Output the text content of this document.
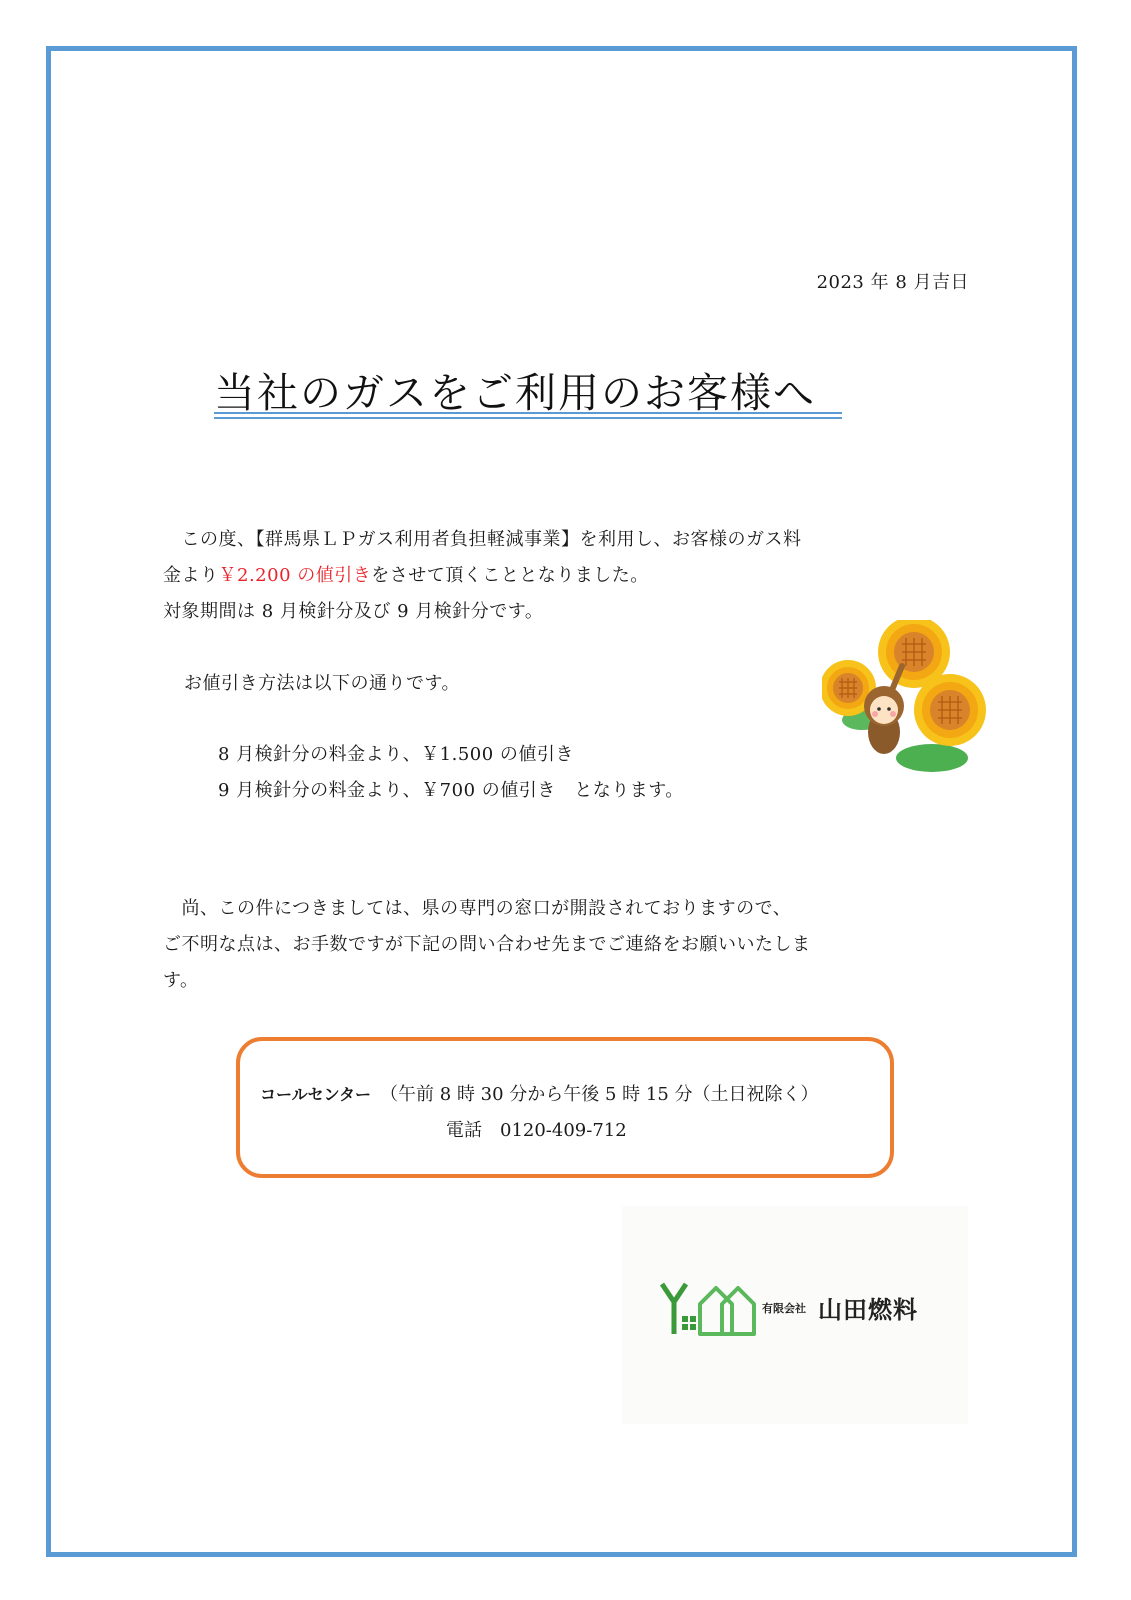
2023 年 8 月吉日
当社のガスをご利用のお客様へ
　この度、【群馬県ＬＰガス利用者負担軽減事業】を利用し、お客様のガス料
金より￥2.200 の値引きをさせて頂くこととなりました。
対象期間は 8 月検針分及び 9 月検針分です。
お値引き方法は以下の通りです。
8 月検針分の料金より、￥1.500 の値引き
9 月検針分の料金より、￥700 の値引き　となります。
　尚、この件につきましては、県の専門の窓口が開設されておりますので、
ご不明な点は、お手数ですが下記の問い合わせ先までご連絡をお願いいたしま
す。
コールセンター　 （午前 8 時 30 分から午後 5 時 15 分（土日祝除く）
電話　 0120-409-712
有限会社 山田燃料
